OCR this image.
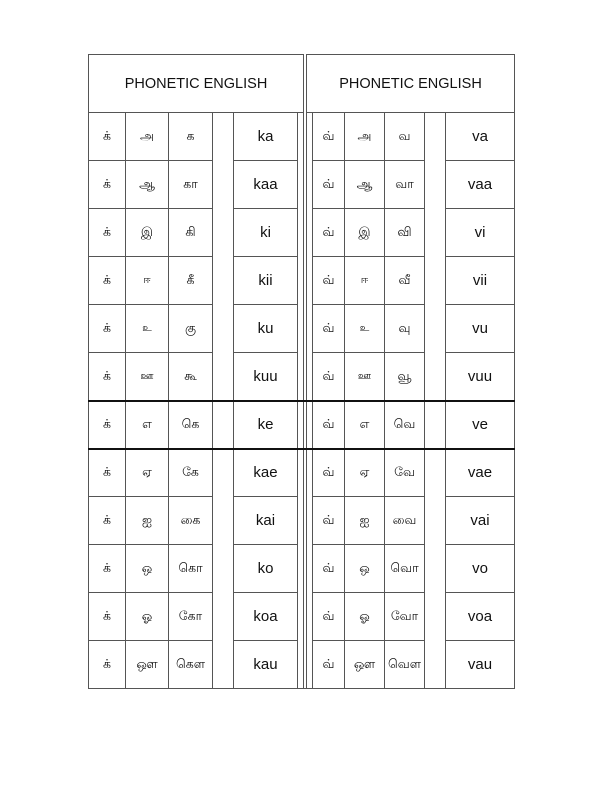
PHONETIC ENGLISH							PHONETIC ENGLISH					
க்	அ	க		ka				வ்	அ	வ		va
க்	ஆ	கா		kaa				வ்	ஆ	வா		vaa
க்	இ	கி		ki				வ்	இ	வி		vi
க்	ஈ	கீ		kii				வ்	ஈ	வீ		vii
க்	உ	கு		ku				வ்	உ	வு		vu
க்	ஊ	கூ		kuu				வ்	ஊ	வூ		vuu
க்	எ	கெ		ke				வ்	எ	வெ		ve
க்	ஏ	கே		kae				வ்	ஏ	வே		vae
க்	ஐ	கை		kai				வ்	ஐ	வை		vai
க்	ஒ	கொ		ko				வ்	ஒ	வொ		vo
க்	ஓ	கோ		koa				வ்	ஓ	வோ		voa
க்	ஔ	கௌ		kau				வ்	ஔ	வௌ		vau
